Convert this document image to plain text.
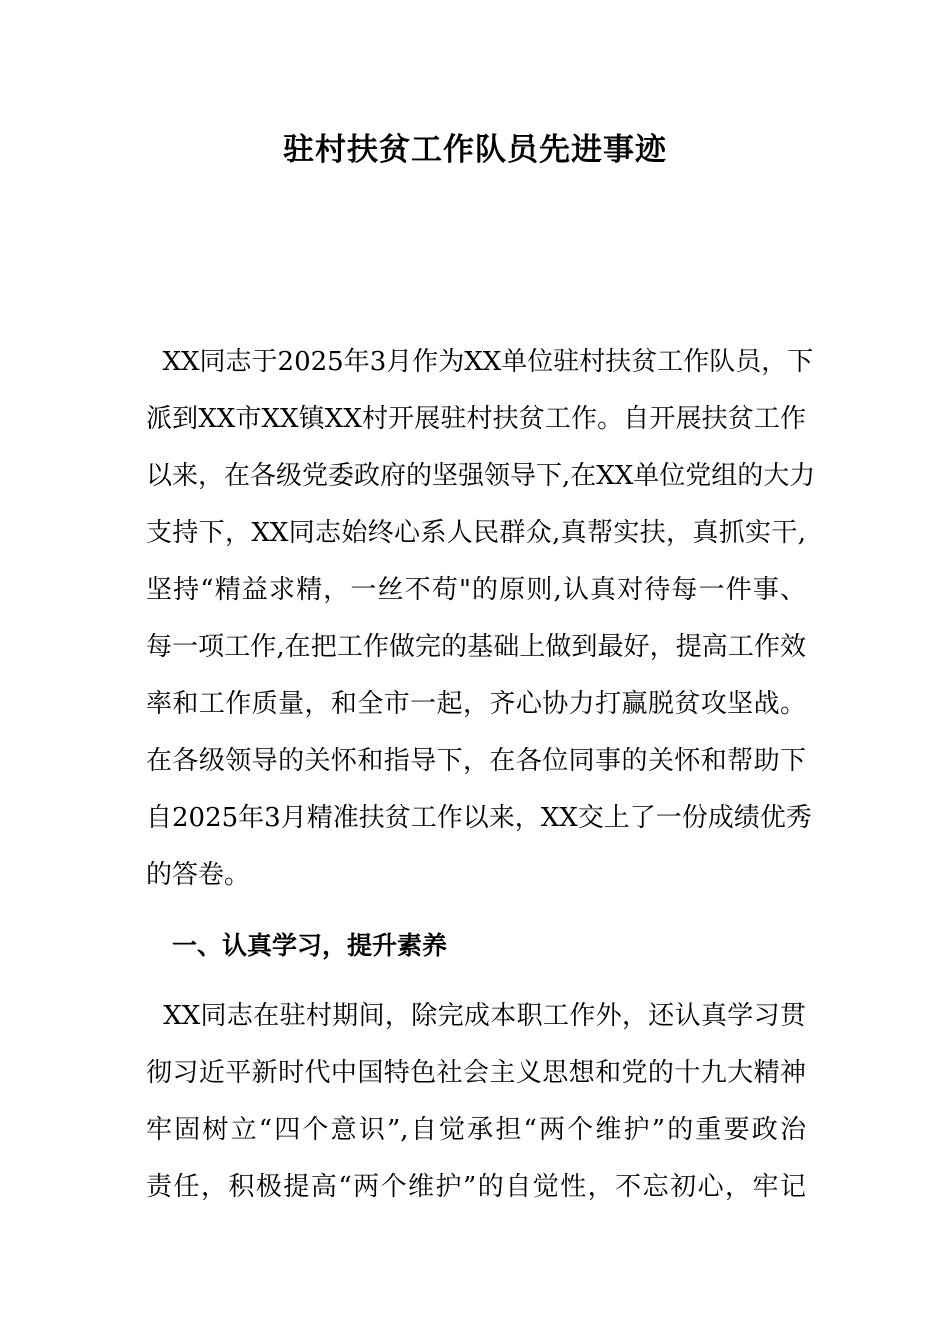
驻村扶贫工作队员先进事迹
XX同志于2025年3月作为XX单位驻村扶贫工作队员，下
派到XX市XX镇XX村开展驻村扶贫工作。自开展扶贫工作
以来，在各级党委政府的坚强领导下,在XX单位党组的大力
支持下，XX同志始终心系人民群众,真帮实扶，真抓实干,
坚持“精益求精，一丝不苟"的原则,认真对待每一件事、
每一项工作,在把工作做完的基础上做到最好，提高工作效
率和工作质量，和全市一起，齐心协力打赢脱贫攻坚战。
在各级领导的关怀和指导下，在各位同事的关怀和帮助下
自2025年3月精准扶贫工作以来，XX交上了一份成绩优秀
的答卷。
一、认真学习，提升素养
XX同志在驻村期间，除完成本职工作外，还认真学习贯
彻习近平新时代中国特色社会主义思想和党的十九大精神
牢固树立“四个意识”,自觉承担“两个维护”的重要政治
责任，积极提高“两个维护”的自觉性，不忘初心，牢记
